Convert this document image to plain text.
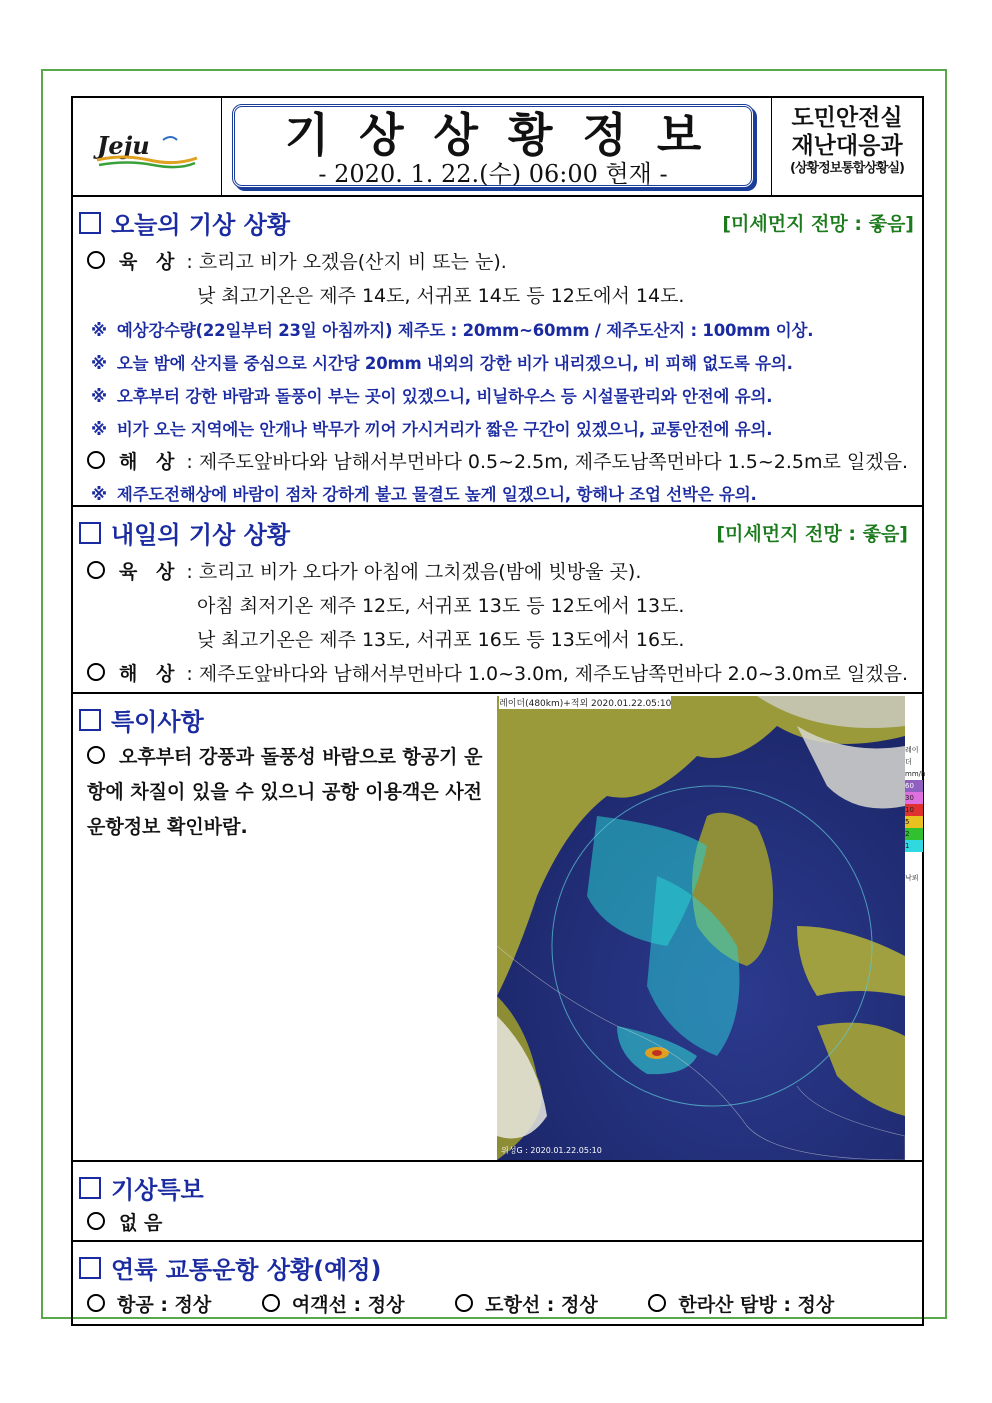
Jeju	기상상황정보
- 2020. 1. 22.(수) 06:00 현재 -
도민안전실
재난대응과
(상황정보통합상황실)
오늘의 기상 상황	[미세먼지 전망 : 좋음]
육 상 : 흐리고 비가 오겠음(산지 비 또는 눈).
낮 최고기온은 제주 14도, 서귀포 14도 등 12도에서 14도.
※ 예상강수량(22일부터 23일 아침까지) 제주도 : 20mm~60mm / 제주도산지 : 100mm 이상.
※ 오늘 밤에 산지를 중심으로 시간당 20mm 내외의 강한 비가 내리겠으니, 비 피해 없도록 유의.
※ 오후부터 강한 바람과 돌풍이 부는 곳이 있겠으니, 비닐하우스 등 시설물관리와 안전에 유의.
※ 비가 오는 지역에는 안개나 박무가 끼어 가시거리가 짧은 구간이 있겠으니, 교통안전에 유의.
해 상 : 제주도앞바다와 남해서부먼바다 0.5~2.5m, 제주도남쪽먼바다 1.5~2.5m로 일겠음.
※ 제주도전해상에 바람이 점차 강하게 불고 물결도 높게 일겠으니, 항해나 조업 선박은 유의.
내일의 기상 상황	[미세먼지 전망 : 좋음]
육 상 : 흐리고 비가 오다가 아침에 그치겠음(밤에 빗방울 곳).
아침 최저기온 제주 12도, 서귀포 13도 등 12도에서 13도.
낮 최고기온은 제주 13도, 서귀포 16도 등 13도에서 16도.
해 상 : 제주도앞바다와 남해서부먼바다 1.0~3.0m, 제주도남쪽먼바다 2.0~3.0m로 일겠음.
특이사항
오후부터 강풍과 돌풍성 바람으로 항공기 운항에 차질이 있을 수 있으니 공항 이용객은 사전 운항정보 확인바람.
레이더(480km)+적외 2020.01.22.05:10
위성G : 2020.01.22.05:10
레이더
mm/h
60
30
10
5
2
1
낙뢰
기상특보
없 음
연륙 교통운항 상황(예정)
항공 : 정상	여객선 : 정상	도항선 : 정상	한라산 탐방 : 정상
